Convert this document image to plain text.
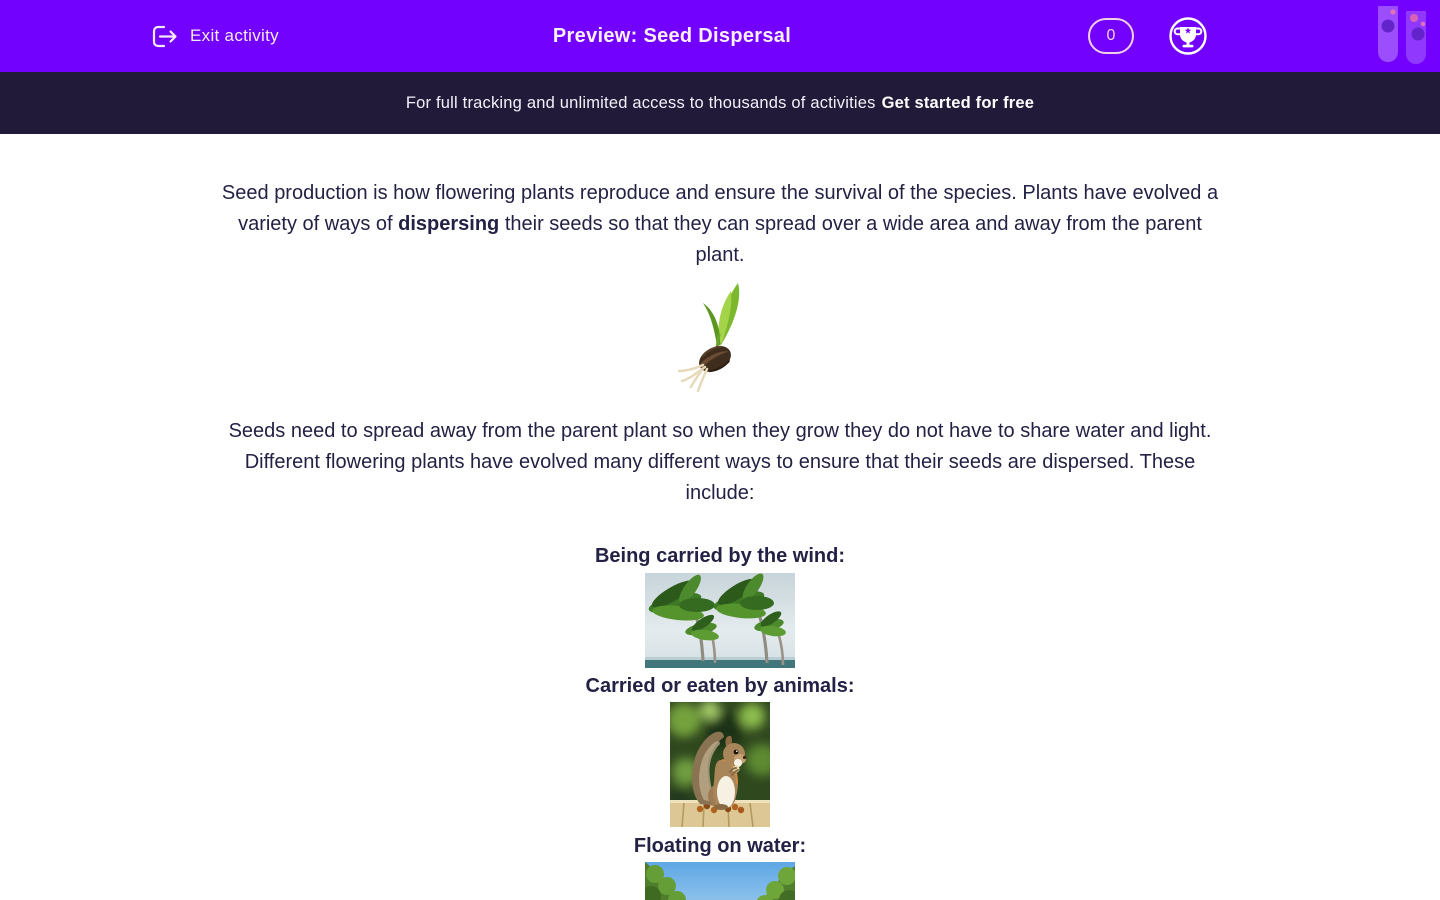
Exit activity	Preview: Seed Dispersal	0
For full tracking and unlimited access to thousands of activities Get started for free

Seed production is how flowering plants reproduce and ensure the survival of the species. Plants have evolved a variety of ways of dispersing their seeds so that they can spread over a wide area and away from the parent plant.

Seeds need to spread away from the parent plant so when they grow they do not have to share water and light. Different flowering plants have evolved many different ways to ensure that their seeds are dispersed. These include:

Being carried by the wind:
Carried or eaten by animals:
Floating on water:
